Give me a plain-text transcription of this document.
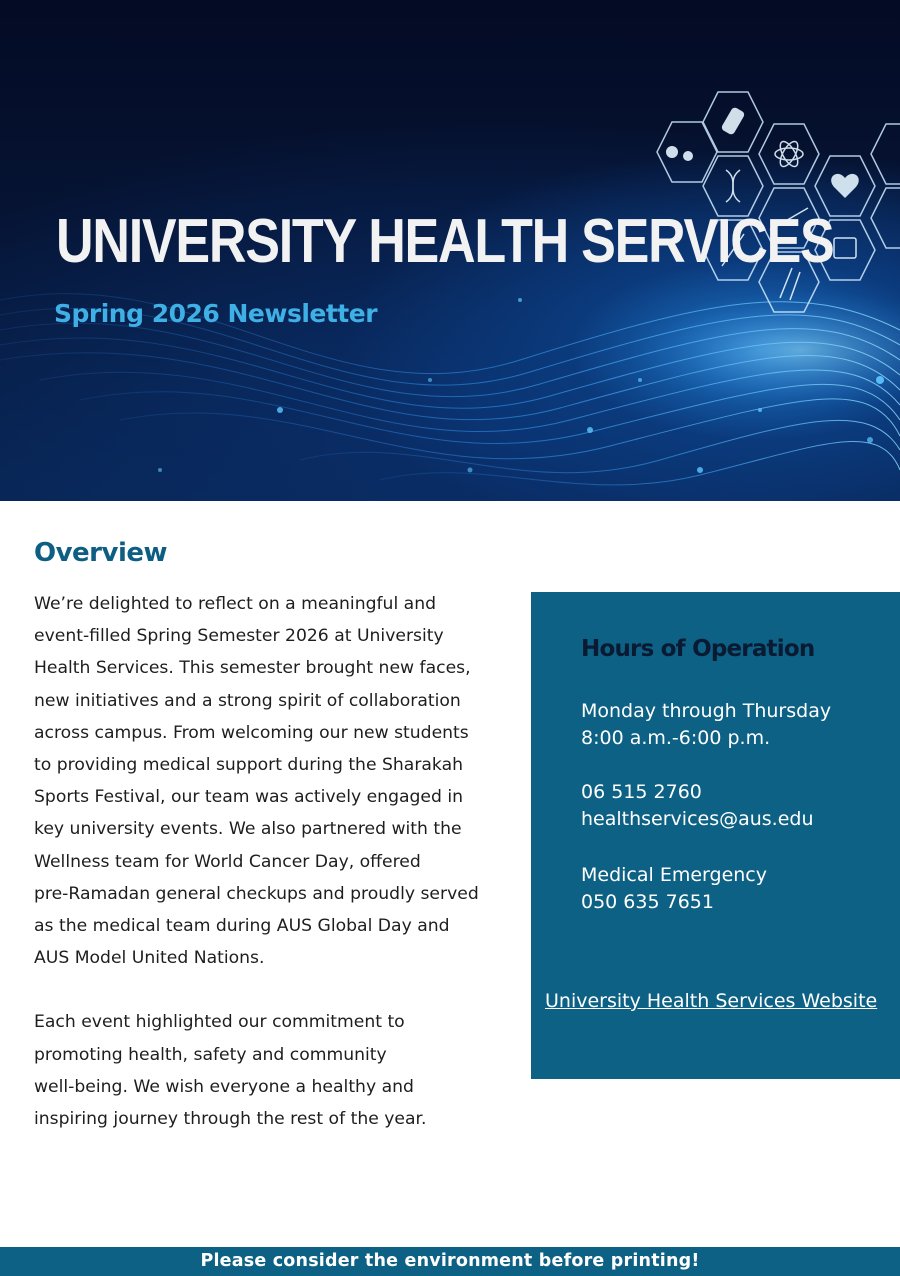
UNIVERSITY HEALTH SERVICES
Spring 2026 Newsletter
Overview

We’re delighted to reflect on a meaningful and
event-filled Spring Semester 2026 at University
Health Services. This semester brought new faces,
new initiatives and a strong spirit of collaboration
across campus. From welcoming our new students
to providing medical support during the Sharakah
Sports Festival, our team was actively engaged in
key university events. We also partnered with the
Wellness team for World Cancer Day, offered
pre-Ramadan general checkups and proudly served
as the medical team during AUS Global Day and
AUS Model United Nations.

Each event highlighted our commitment to
promoting health, safety and community
well-being. We wish everyone a healthy and
inspiring journey through the rest of the year.

Hours of Operation
Monday through Thursday
8:00 a.m.-6:00 p.m.
06 515 2760
healthservices@aus.edu
Medical Emergency
050 635 7651
University Health Services Website
Please consider the environment before printing!
